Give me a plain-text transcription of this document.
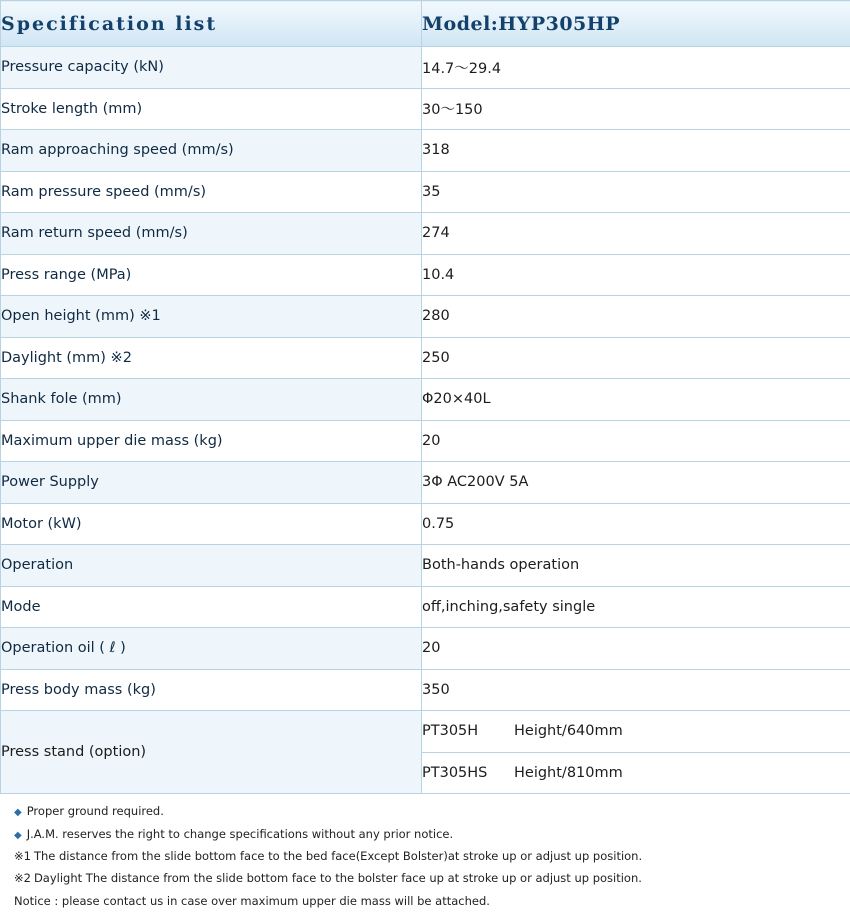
Specification list	Model:HYP305HP
Pressure capacity (kN)	14.7〜29.4
Stroke length (mm)	30〜150
Ram approaching speed (mm/s)	318
Ram pressure speed (mm/s)	35
Ram return speed (mm/s)	274
Press range (MPa)	10.4
Open height (mm) ※1	280
Daylight (mm) ※2	250
Shank fole (mm)	Φ20×40L
Maximum upper die mass (kg)	20
Power Supply	3Φ AC200V 5A
Motor (kW)	0.75
Operation	Both-hands operation
Mode	off,inching,safety single
Operation oil ( ℓ )	20
Press body mass (kg)	350
Press stand (option)	PT305H Height/640mm
	PT305HS Height/810mm
◆ Proper ground required.
◆ J.A.M. reserves the right to change specifications without any prior notice.
※1 The distance from the slide bottom face to the bed face(Except Bolster)at stroke up or adjust up position.
※2 Daylight The distance from the slide bottom face to the bolster face up at stroke up or adjust up position.
Notice : please contact us in case over maximum upper die mass will be attached.
